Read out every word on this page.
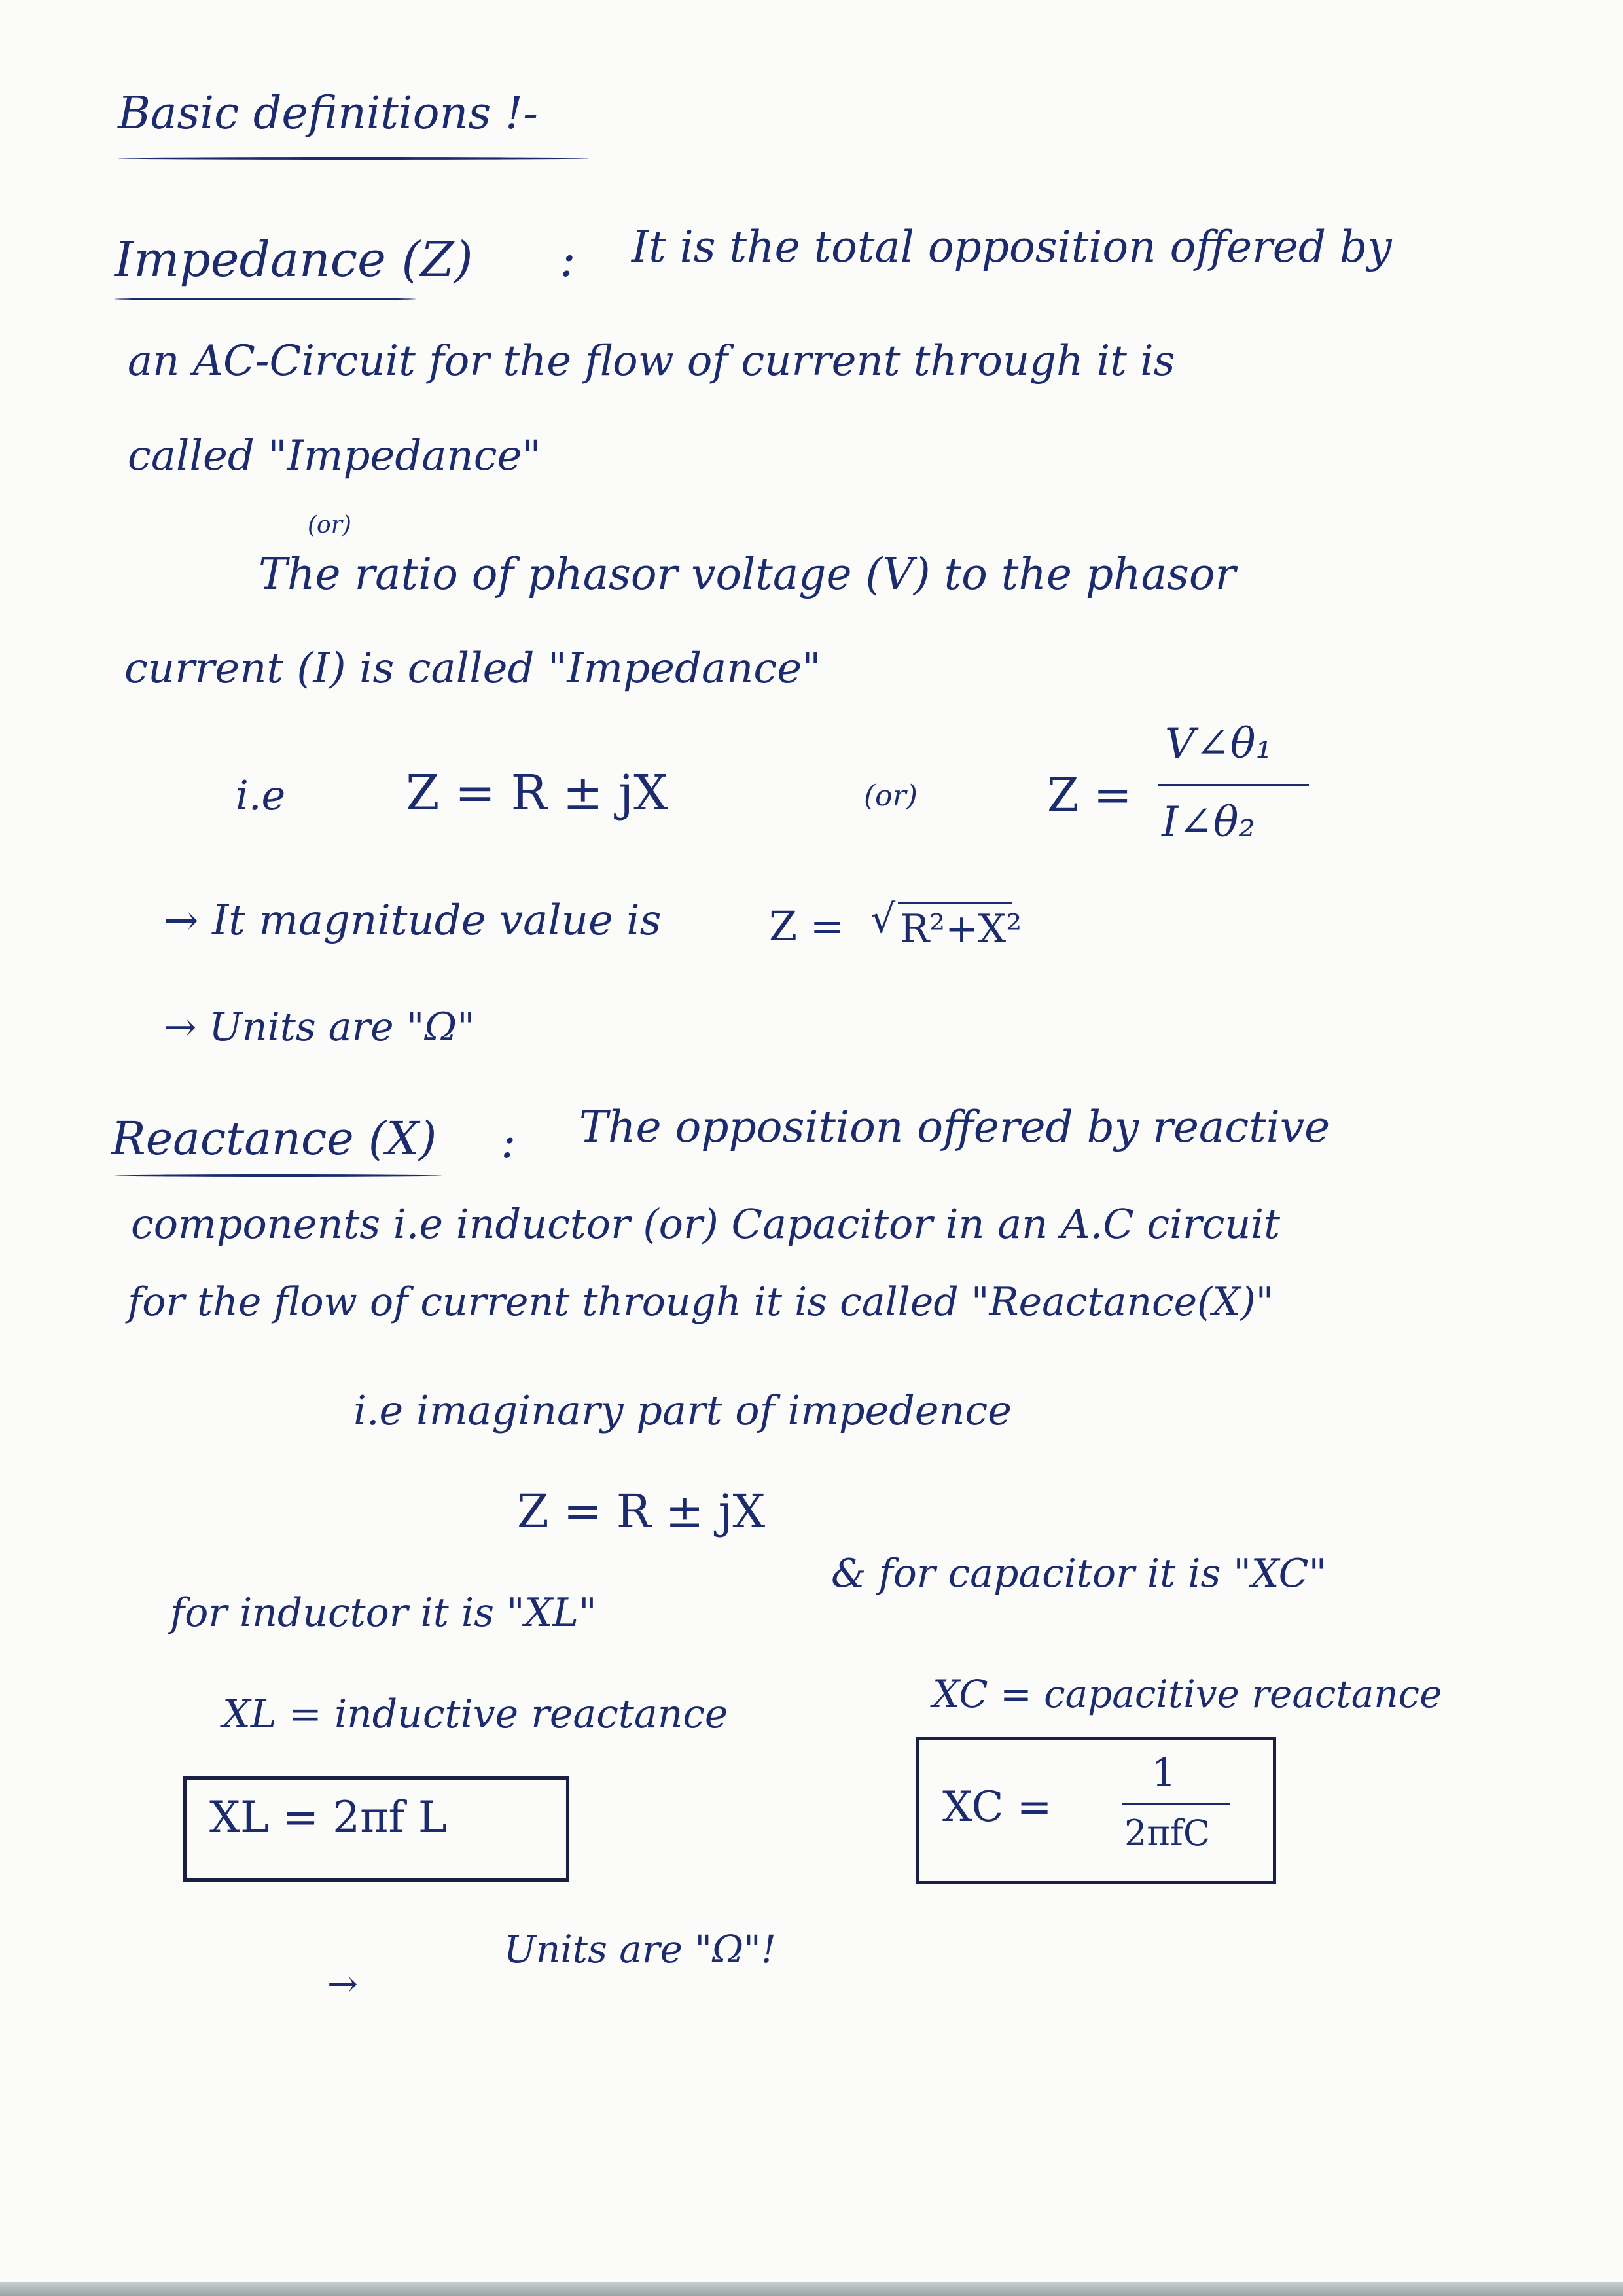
Basic definitions !-
Impedance (Z) : It is the total opposition offered by
an AC-Circuit for the flow of current through it is
called "Impedance"
(or)
The ratio of phasor voltage (V) to the phasor
current (I) is called "Impedance"
i.e Z = R ± jX	(or)	Z =
V∠θ₁
I∠θ₂
→ It magnitude value is	Z = √ R²+X²
→ Units are "Ω"
Reactance (X) : The opposition offered by reactive
components i.e inductor (or) Capacitor in an A.C circuit
for the flow of current through it is called "Reactance(X)"
i.e imaginary part of impedence
Z = R ± jX
for inductor it is "XL"
& for capacitor it is "XC"
XL = inductive reactance	XC = capacitive reactance
XL = 2πf L	XC =
1
2πfC
Units are "Ω"!
→
